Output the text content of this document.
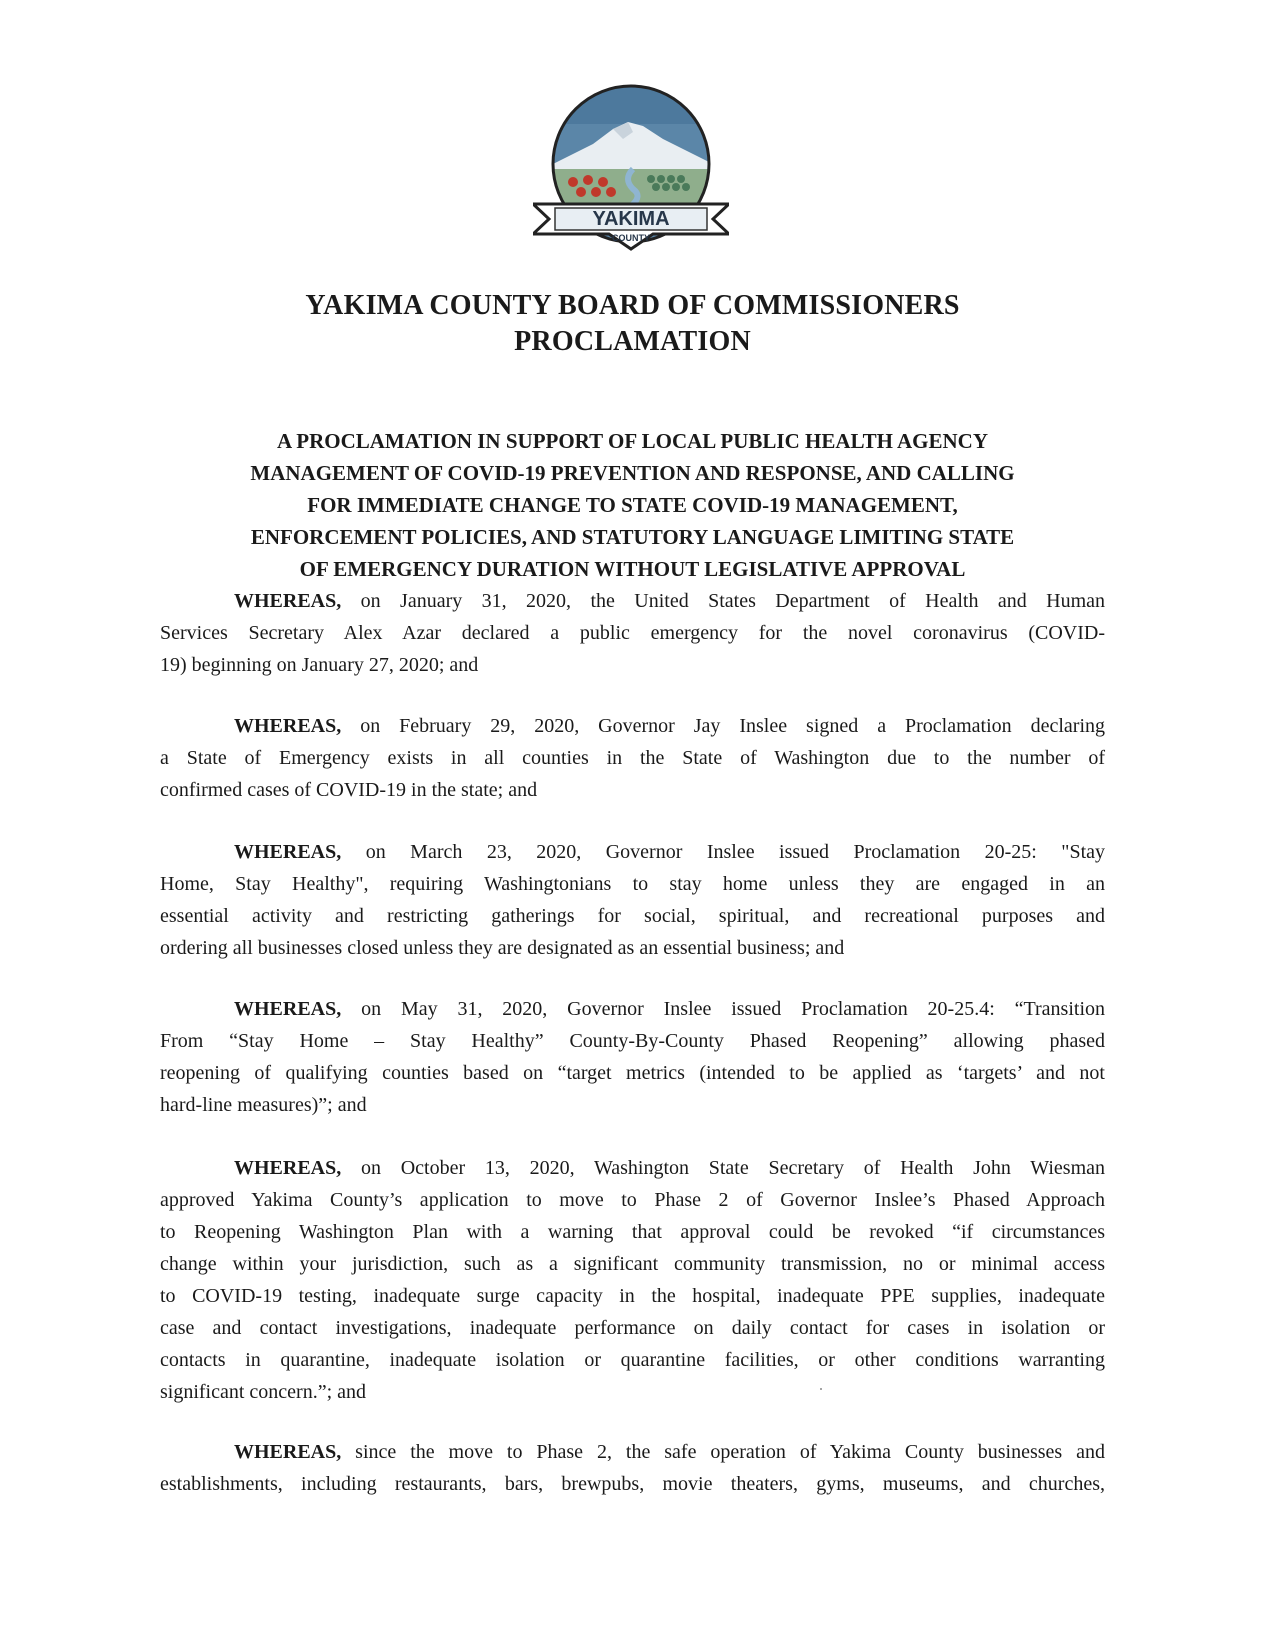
YAKIMA
COUNTY
YAKIMA COUNTY BOARD OF COMMISSIONERS
PROCLAMATION
A PROCLAMATION IN SUPPORT OF LOCAL PUBLIC HEALTH AGENCY
MANAGEMENT OF COVID-19 PREVENTION AND RESPONSE, AND CALLING
FOR IMMEDIATE CHANGE TO STATE COVID-19 MANAGEMENT,
ENFORCEMENT POLICIES, AND STATUTORY LANGUAGE LIMITING STATE
OF EMERGENCY DURATION WITHOUT LEGISLATIVE APPROVAL
WHEREAS, on January 31, 2020, the United States Department of Health and Human
Services Secretary Alex Azar declared a public emergency for the novel coronavirus (COVID-
19) beginning on January 27, 2020; and
WHEREAS, on February 29, 2020, Governor Jay Inslee signed a Proclamation declaring
a State of Emergency exists in all counties in the State of Washington due to the number of
confirmed cases of COVID-19 in the state; and
WHEREAS, on March 23, 2020, Governor Inslee issued Proclamation 20-25: "Stay
Home, Stay Healthy", requiring Washingtonians to stay home unless they are engaged in an
essential activity and restricting gatherings for social, spiritual, and recreational purposes and
ordering all businesses closed unless they are designated as an essential business; and
WHEREAS, on May 31, 2020, Governor Inslee issued Proclamation 20-25.4: “Transition
From “Stay Home – Stay Healthy” County-By-County Phased Reopening” allowing phased
reopening of qualifying counties based on “target metrics (intended to be applied as ‘targets’ and not
hard-line measures)”; and
WHEREAS, on October 13, 2020, Washington State Secretary of Health John Wiesman
approved Yakima County’s application to move to Phase 2 of Governor Inslee’s Phased Approach
to Reopening Washington Plan with a warning that approval could be revoked “if circumstances
change within your jurisdiction, such as a significant community transmission, no or minimal access
to COVID-19 testing, inadequate surge capacity in the hospital, inadequate PPE supplies, inadequate
case and contact investigations, inadequate performance on daily contact for cases in isolation or
contacts in quarantine, inadequate isolation or quarantine facilities, or other conditions warranting
significant concern.”; and
WHEREAS, since the move to Phase 2, the safe operation of Yakima County businesses and
establishments, including restaurants, bars, brewpubs, movie theaters, gyms, museums, and churches,
